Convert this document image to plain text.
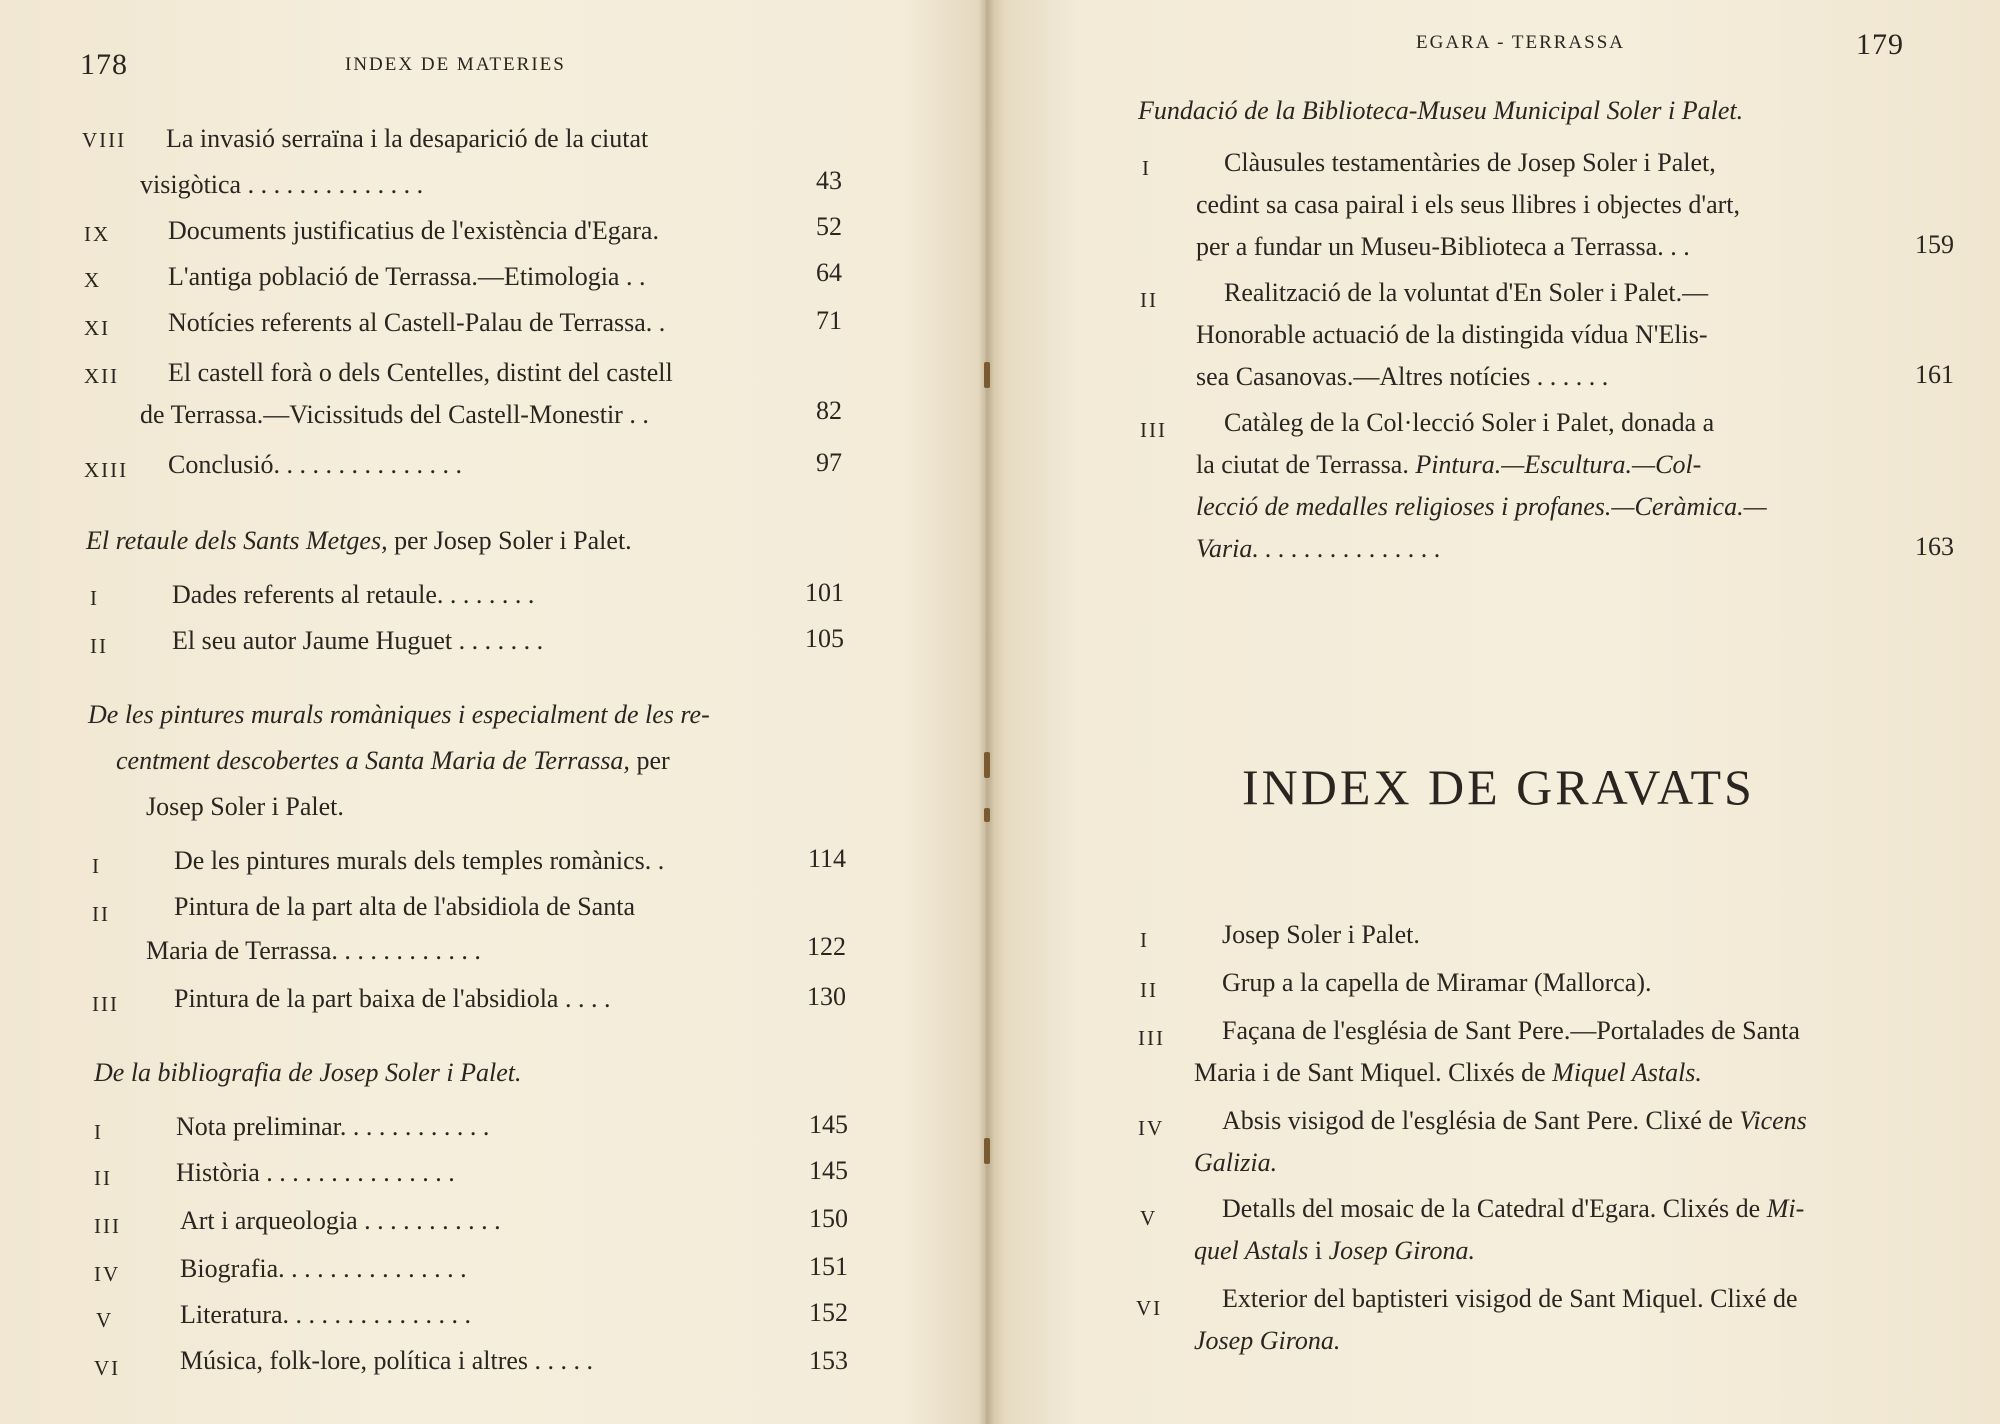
178	INDEX DE MATERIES
VIII La invasió serraïna i la desaparició de la ciutat
visigòtica . . . . . . . . . . . . . .	43
IX Documents justificatius de l'existència d'Egara.	52
X	L'antiga població de Terrassa.—Etimologia . .	64
XI Notícies referents al Castell-Palau de Terrassa. .	71
XII El castell forà o dels Centelles, distint del castell
de Terrassa.—Vicissituds del Castell-Monestir . .	82
XIII Conclusió. . . . . . . . . . . . . . .	97
El retaule dels Sants Metges, per Josep Soler i Palet.
I	Dades referents al retaule. . . . . . . .	101
II El seu autor Jaume Huguet . . . . . . .	105
De les pintures murals romàniques i especialment de les re-
centment descobertes a Santa Maria de Terrassa, per
Josep Soler i Palet.
I	De les pintures murals dels temples romànics. .	114
II Pintura de la part alta de l'absidiola de Santa
Maria de Terrassa. . . . . . . . . . . .	122
III Pintura de la part baixa de l'absidiola . . . .	130
De la bibliografia de Josep Soler i Palet.
I	Nota preliminar. . . . . . . . . . . .	145
II Història . . . . . . . . . . . . . . .	145
III Art i arqueologia . . . . . . . . . . .	150
IV Biografia. . . . . . . . . . . . . . .	151
V	Literatura. . . . . . . . . . . . . . .	152
VI Música, folk-lore, política i altres . . . . .	153
EGARA - TERRASSA	179
Fundació de la Biblioteca-Museu Municipal Soler i Palet.
I	Clàusules testamentàries de Josep Soler i Palet,
cedint sa casa pairal i els seus llibres i objectes d'art,
per a fundar un Museu-Biblioteca a Terrassa. . .	159
II	Realització de la voluntat d'En Soler i Palet.—
Honorable actuació de la distingida vídua N'Elis-
sea Casanovas.—Altres notícies . . . . . .	161
III Catàleg de la Col·lecció Soler i Palet, donada a
la ciutat de Terrassa. Pintura.—Escultura.—Col-
lecció de medalles religioses i profanes.—Ceràmica.—
Varia. . . . . . . . . . . . . . .	163
INDEX DE GRAVATS
I	Josep Soler i Palet.
II Grup a la capella de Miramar (Mallorca).
III Façana de l'església de Sant Pere.—Portalades de Santa
Maria i de Sant Miquel. Clixés de Miquel Astals.
IV Absis visigod de l'església de Sant Pere. Clixé de Vicens
Galizia.
V Detalls del mosaic de la Catedral d'Egara. Clixés de Mi-
quel Astals i Josep Girona.
VI Exterior del baptisteri visigod de Sant Miquel. Clixé de
Josep Girona.
